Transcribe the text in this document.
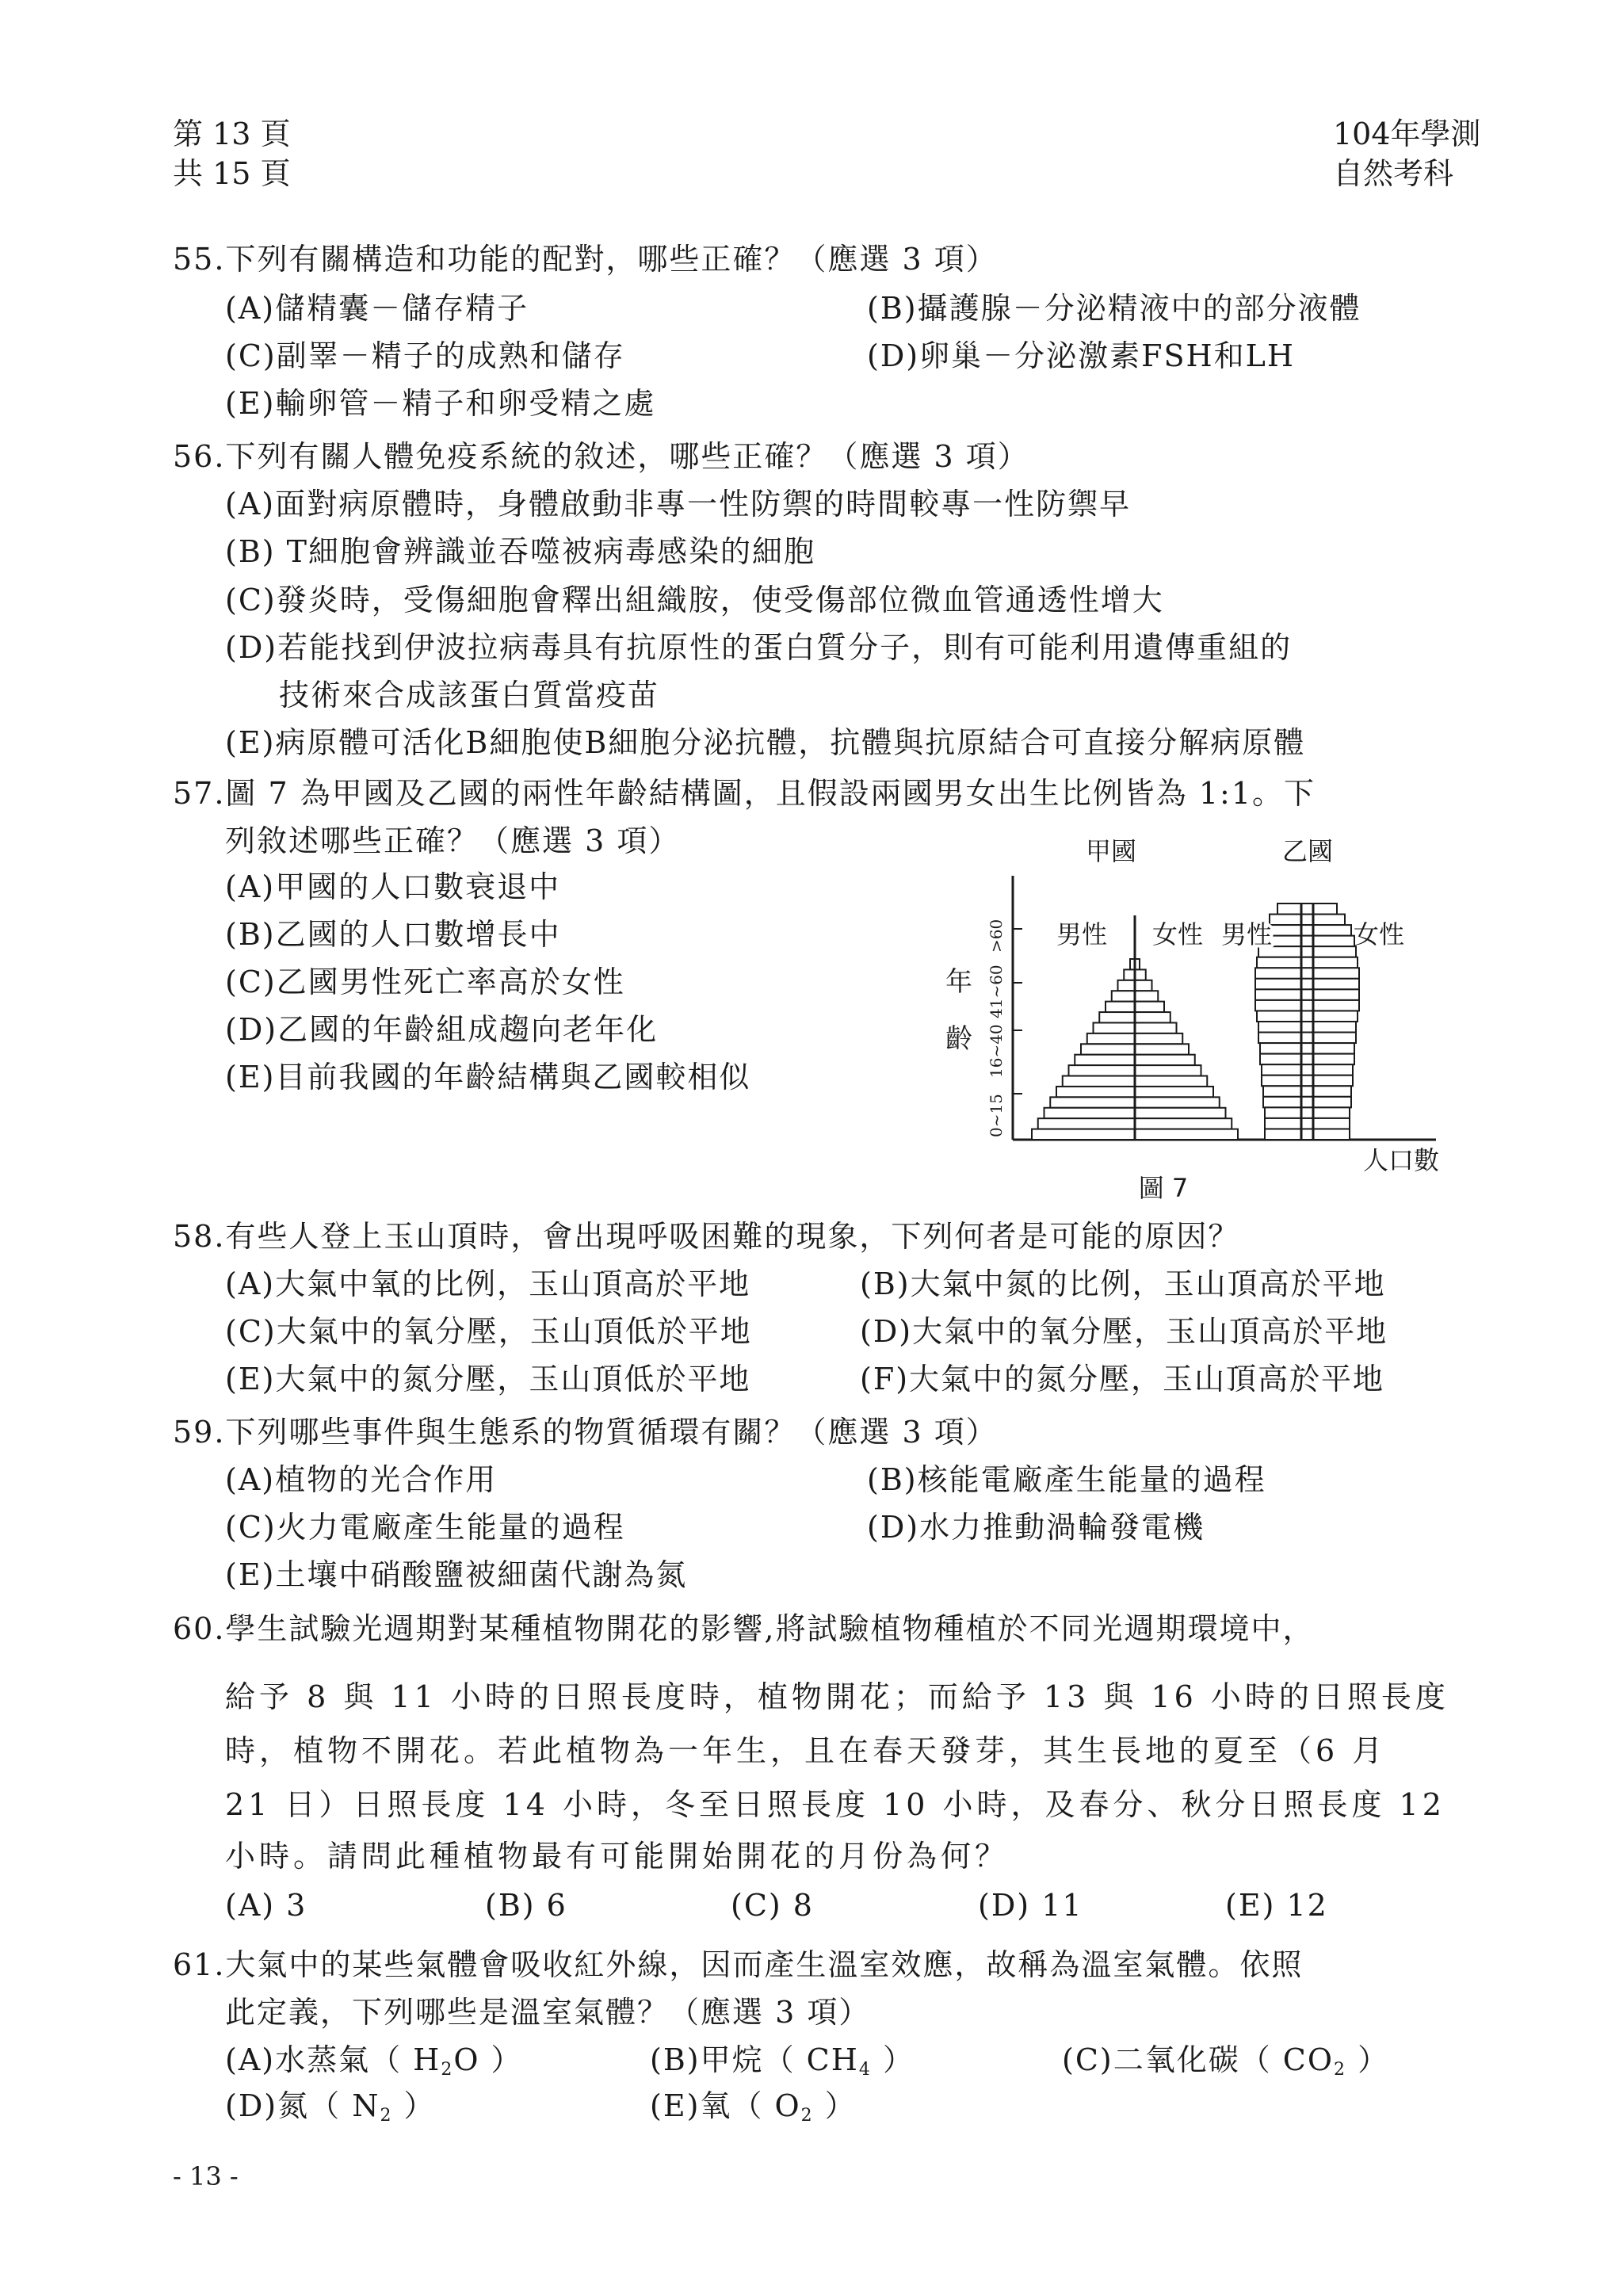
第 13 頁
共 15 頁
104年學測
自然考科
55.下列有關構造和功能的配對，哪些正確？（應選 3 項）
(A)儲精囊－儲存精子	(B)攝護腺－分泌精液中的部分液體
(C)副睪－精子的成熟和儲存	(D)卵巢－分泌激素FSH和LH
(E)輸卵管－精子和卵受精之處
56.下列有關人體免疫系統的敘述，哪些正確？（應選 3 項）
(A)面對病原體時，身體啟動非專一性防禦的時間較專一性防禦早
(B) T細胞會辨識並吞噬被病毒感染的細胞
(C)發炎時，受傷細胞會釋出組織胺，使受傷部位微血管通透性增大
(D)若能找到伊波拉病毒具有抗原性的蛋白質分子，則有可能利用遺傳重組的
技術來合成該蛋白質當疫苗
(E)病原體可活化B細胞使B細胞分泌抗體，抗體與抗原結合可直接分解病原體
57.圖 7 為甲國及乙國的兩性年齡結構圖，且假設兩國男女出生比例皆為 1:1。下
列敘述哪些正確？（應選 3 項）
(A)甲國的人口數衰退中
(B)乙國的人口數增長中
(C)乙國男性死亡率高於女性
(D)乙國的年齡組成趨向老年化
(E)目前我國的年齡結構與乙國較相似
甲國	乙國
年
齡
0~15
16~40
41~60
>60 男性 女性 男性	女性
人口數
圖 7
58.有些人登上玉山頂時，會出現呼吸困難的現象，下列何者是可能的原因？
(A)大氣中氧的比例，玉山頂高於平地	(B)大氣中氮的比例，玉山頂高於平地
(C)大氣中的氧分壓，玉山頂低於平地	(D)大氣中的氧分壓，玉山頂高於平地
(E)大氣中的氮分壓，玉山頂低於平地	(F)大氣中的氮分壓，玉山頂高於平地
59.下列哪些事件與生態系的物質循環有關？（應選 3 項）
(A)植物的光合作用	(B)核能電廠產生能量的過程
(C)火力電廠產生能量的過程	(D)水力推動渦輪發電機
(E)土壤中硝酸鹽被細菌代謝為氮
60.學生試驗光週期對某種植物開花的影響,將試驗植物種植於不同光週期環境中，
給予 8 與 11 小時的日照長度時，植物開花；而給予 13 與 16 小時的日照長度
時，植物不開花。若此植物為一年生，且在春天發芽，其生長地的夏至（6 月
21 日）日照長度 14 小時，冬至日照長度 10 小時，及春分、秋分日照長度 12
小時。請問此種植物最有可能開始開花的月份為何？
(A) 3	(B) 6	(C) 8	(D) 11	(E) 12
61.大氣中的某些氣體會吸收紅外線，因而產生溫室效應，故稱為溫室氣體。依照
此定義，下列哪些是溫室氣體？（應選 3 項）
(A)水蒸氣（ $H_2O$ ）	(B)甲烷（ $CH_4$ ）	(C)二氧化碳（ $CO_2$ ）
(D)氮（ $N_2$ ）	(E)氧（ $O_2$ ）
- 13 -
